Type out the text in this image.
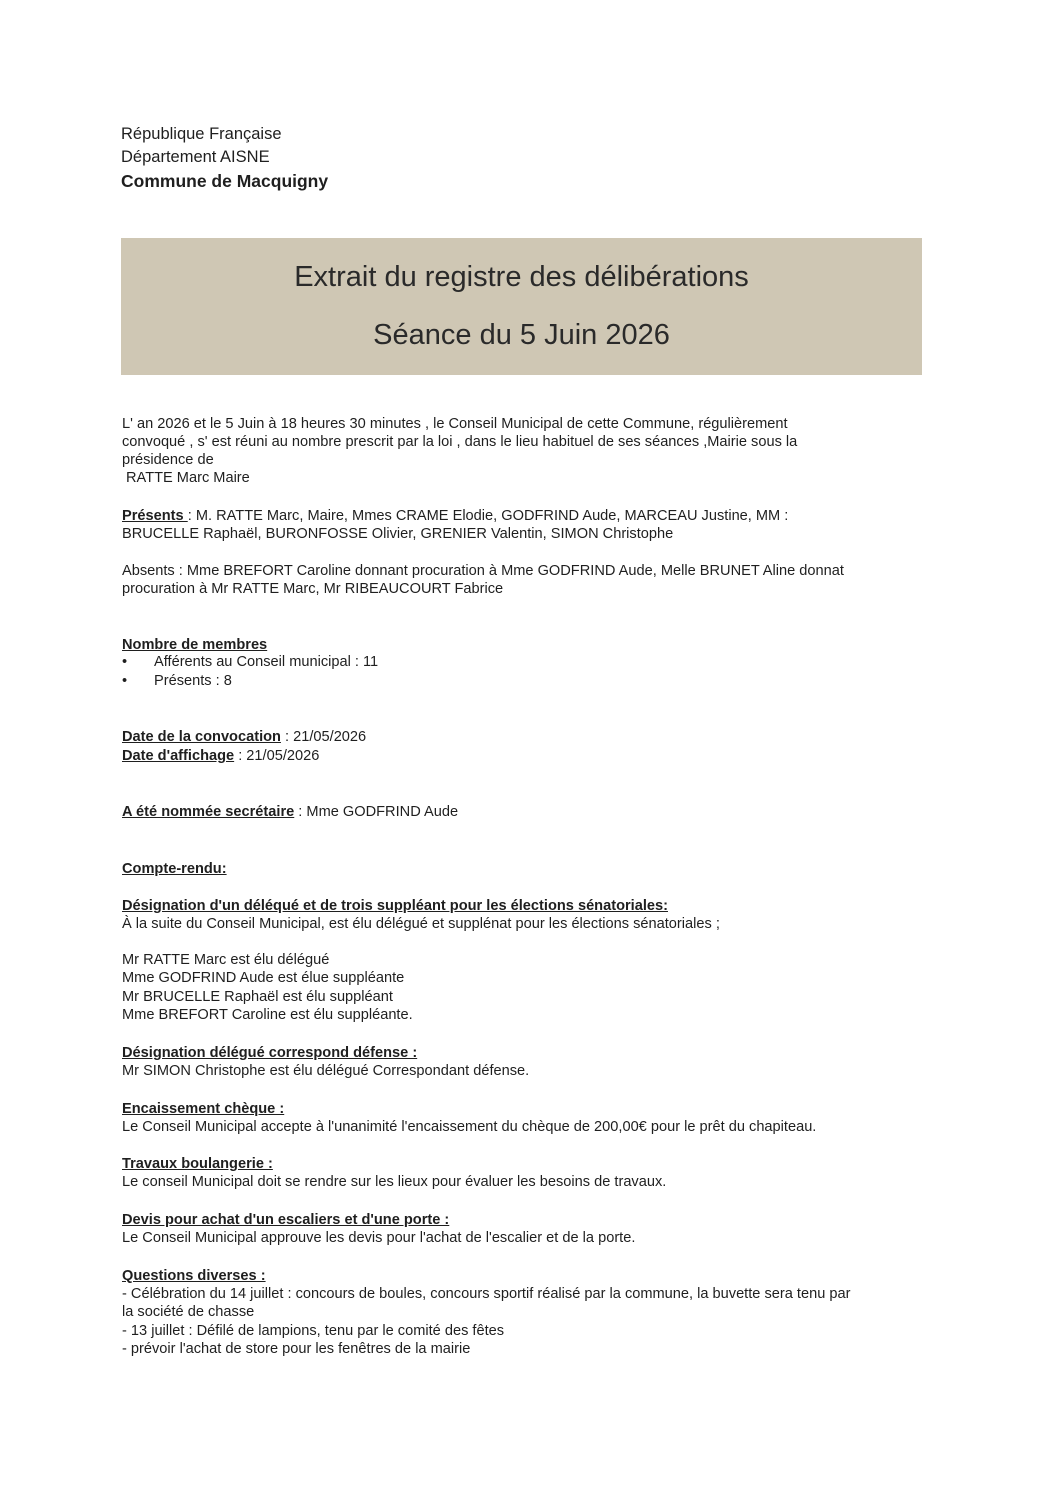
République Française
Département AISNE
Commune de Macquigny
Extrait du registre des délibérations
Séance du 5 Juin 2026
L' an 2026 et le 5 Juin à 18 heures 30 minutes , le Conseil Municipal de cette Commune, régulièrement
convoqué , s' est réuni au nombre prescrit par la loi , dans le lieu habituel de ses séances ,Mairie sous la
présidence de
RATTE Marc Maire
Présents : M. RATTE Marc, Maire, Mmes CRAME Elodie, GODFRIND Aude, MARCEAU Justine, MM :
BRUCELLE Raphaël, BURONFOSSE Olivier, GRENIER Valentin, SIMON Christophe
Absents : Mme BREFORT Caroline donnant procuration à Mme GODFRIND Aude, Melle BRUNET Aline donnat
procuration à Mr RATTE Marc, Mr RIBEAUCOURT Fabrice
Nombre de membres
• Afférents au Conseil municipal : 11
• Présents : 8
Date de la convocation : 21/05/2026
Date d'affichage : 21/05/2026
A été nommée secrétaire : Mme GODFRIND Aude
Compte-rendu:
Désignation d'un déléqué et de trois suppléant pour les élections sénatoriales:
À la suite du Conseil Municipal, est élu délégué et supplénat pour les élections sénatoriales ;
Mr RATTE Marc est élu délégué
Mme GODFRIND Aude est élue suppléante
Mr BRUCELLE Raphaël est élu suppléant
Mme BREFORT Caroline est élu suppléante.
Désignation délégué correspond défense :
Mr SIMON Christophe est élu délégué Correspondant défense.
Encaissement chèque :
Le Conseil Municipal accepte à l'unanimité l'encaissement du chèque de 200,00€ pour le prêt du chapiteau.
Travaux boulangerie :
Le conseil Municipal doit se rendre sur les lieux pour évaluer les besoins de travaux.
Devis pour achat d'un escaliers et d'une porte :
Le Conseil Municipal approuve les devis pour l'achat de l'escalier et de la porte.
Questions diverses :
- Célébration du 14 juillet : concours de boules, concours sportif réalisé par la commune, la buvette sera tenu par
la société de chasse
- 13 juillet : Défilé de lampions, tenu par le comité des fêtes
- prévoir l'achat de store pour les fenêtres de la mairie
